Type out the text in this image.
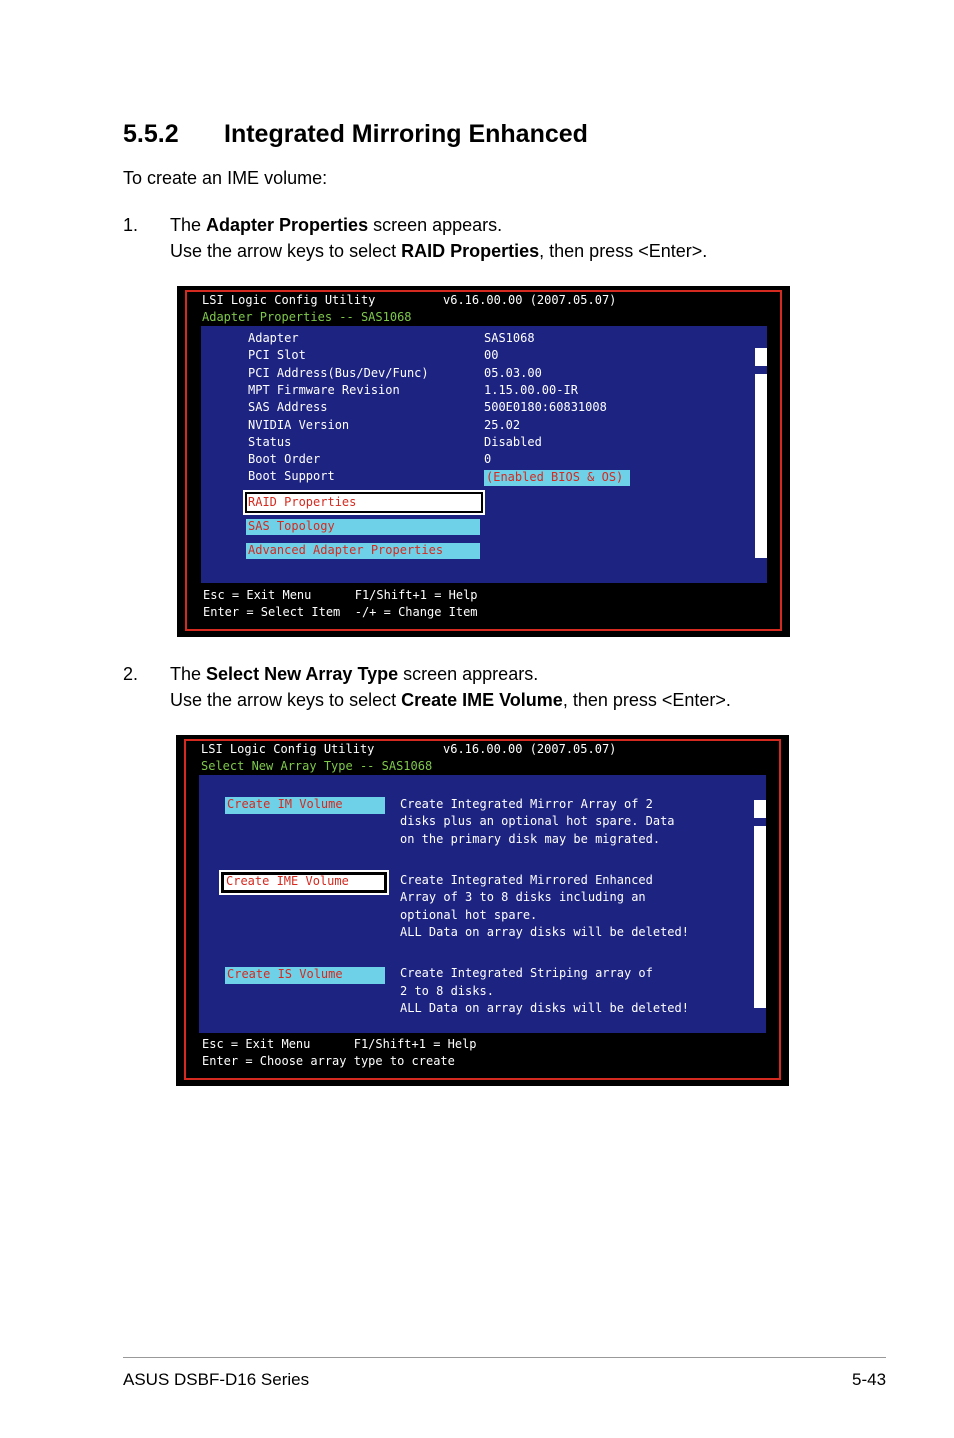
5.5.2 Integrated Mirroring Enhanced
To create an IME volume:
1. The Adapter Properties screen appears.
Use the arrow keys to select RAID Properties, then press <Enter>.
LSI Logic Config Utility	v6.16.00.00 (2007.05.07)
Adapter Properties -- SAS1068
Adapter	SAS1068
PCI Slot	00
PCI Address(Bus/Dev/Func)	05.03.00
MPT Firmware Revision	1.15.00.00-IR
SAS Address	500E0180:60831008
NVIDIA Version	25.02
Status	Disabled
Boot Order	0
Boot Support	(Enabled BIOS & OS)
RAID Properties
SAS Topology
Advanced Adapter Properties
Esc = Exit Menu      F1/Shift+1 = Help
Enter = Select Item  -/+ = Change Item
2. The Select New Array Type screen apprears.
Use the arrow keys to select Create IME Volume, then press <Enter>.
LSI Logic Config Utility	v6.16.00.00 (2007.05.07)
Select New Array Type -- SAS1068
Create IM Volume	Create Integrated Mirror Array of 2
disks plus an optional hot spare. Data
on the primary disk may be migrated.
Create IME Volume	Create Integrated Mirrored Enhanced
Array of 3 to 8 disks including an
optional hot spare.
ALL Data on array disks will be deleted!
Create IS Volume	Create Integrated Striping array of
2 to 8 disks.
ALL Data on array disks will be deleted!
Esc = Exit Menu      F1/Shift+1 = Help
Enter = Choose array type to create
ASUS DSBF-D16 Series	5-43
